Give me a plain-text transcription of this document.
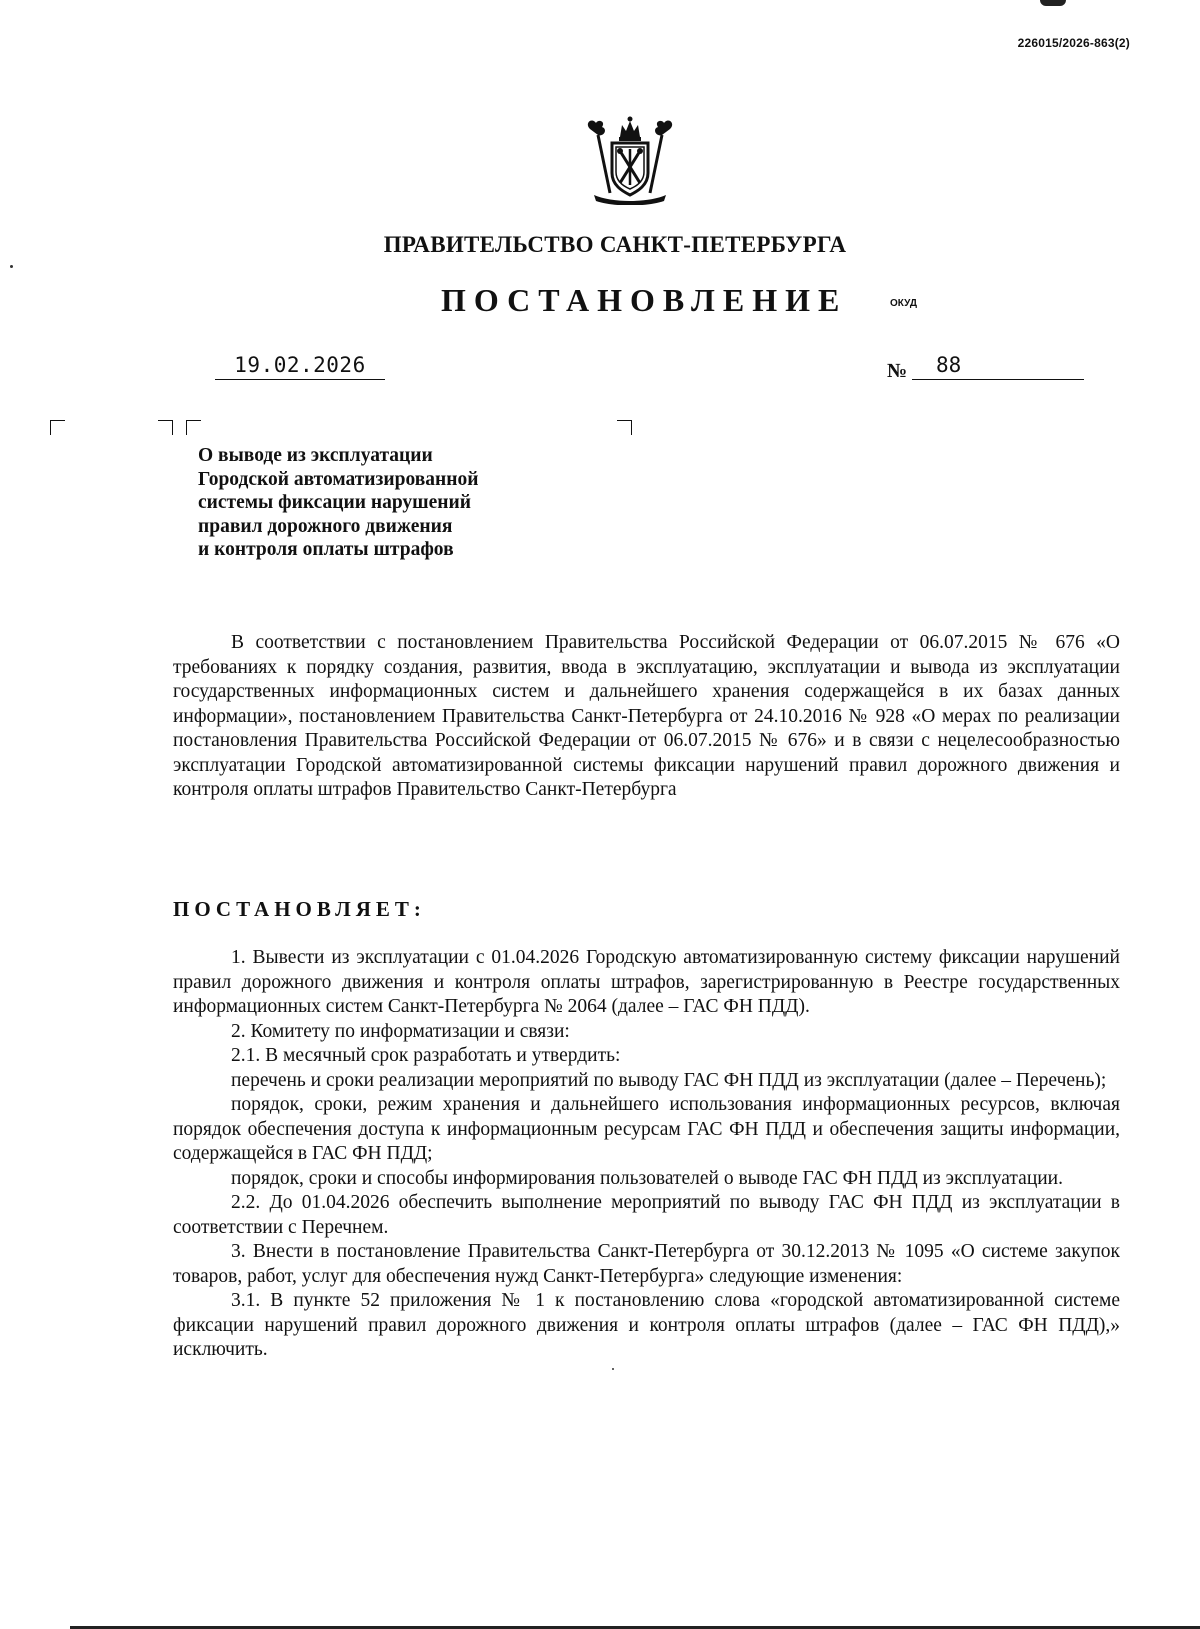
226015/2026-863(2)
ПРАВИТЕЛЬСТВО САНКТ-ПЕТЕРБУРГА
ПОСТАНОВЛЕНИЕ	ОКУД
19.02.2026	№	88
О выводе из эксплуатации
Городской автоматизированной
системы фиксации нарушений
правил дорожного движения
и контроля оплаты штрафов

В соответствии с постановлением Правительства Российской Федерации от 06.07.2015 № 676 «О требованиях к порядку создания, развития, ввода в эксплуатацию, эксплуатации и вывода из эксплуатации государственных информационных систем и дальнейшего хранения содержащейся в их базах данных информации», постановлением Правительства Санкт-Петербурга от 24.10.2016 № 928 «О мерах по реализации постановления Правительства Российской Федерации от 06.07.2015 № 676» и в связи с нецелесообразностью эксплуатации Городской автоматизированной системы фиксации нарушений правил дорожного движения и контроля оплаты штрафов Правительство Санкт-Петербурга

ПОСТАНОВЛЯЕТ:

1. Вывести из эксплуатации с 01.04.2026 Городскую автоматизированную систему фиксации нарушений правил дорожного движения и контроля оплаты штрафов, зарегистрированную в Реестре государственных информационных систем Санкт-Петербурга № 2064 (далее – ГАС ФН ПДД).

2. Комитету по информатизации и связи:

2.1. В месячный срок разработать и утвердить:

перечень и сроки реализации мероприятий по выводу ГАС ФН ПДД из эксплуатации (далее – Перечень);

порядок, сроки, режим хранения и дальнейшего использования информационных ресурсов, включая порядок обеспечения доступа к информационным ресурсам ГАС ФН ПДД и обеспечения защиты информации, содержащейся в ГАС ФН ПДД;

порядок, сроки и способы информирования пользователей о выводе ГАС ФН ПДД из эксплуатации.

2.2. До 01.04.2026 обеспечить выполнение мероприятий по выводу ГАС ФН ПДД из эксплуатации в соответствии с Перечнем.

3. Внести в постановление Правительства Санкт-Петербурга от 30.12.2013 № 1095 «О системе закупок товаров, работ, услуг для обеспечения нужд Санкт-Петербурга» следующие изменения:

3.1. В пункте 52 приложения № 1 к постановлению слова «городской автоматизированной системе фиксации нарушений правил дорожного движения и контроля оплаты штрафов (далее – ГАС ФН ПДД),» исключить.
